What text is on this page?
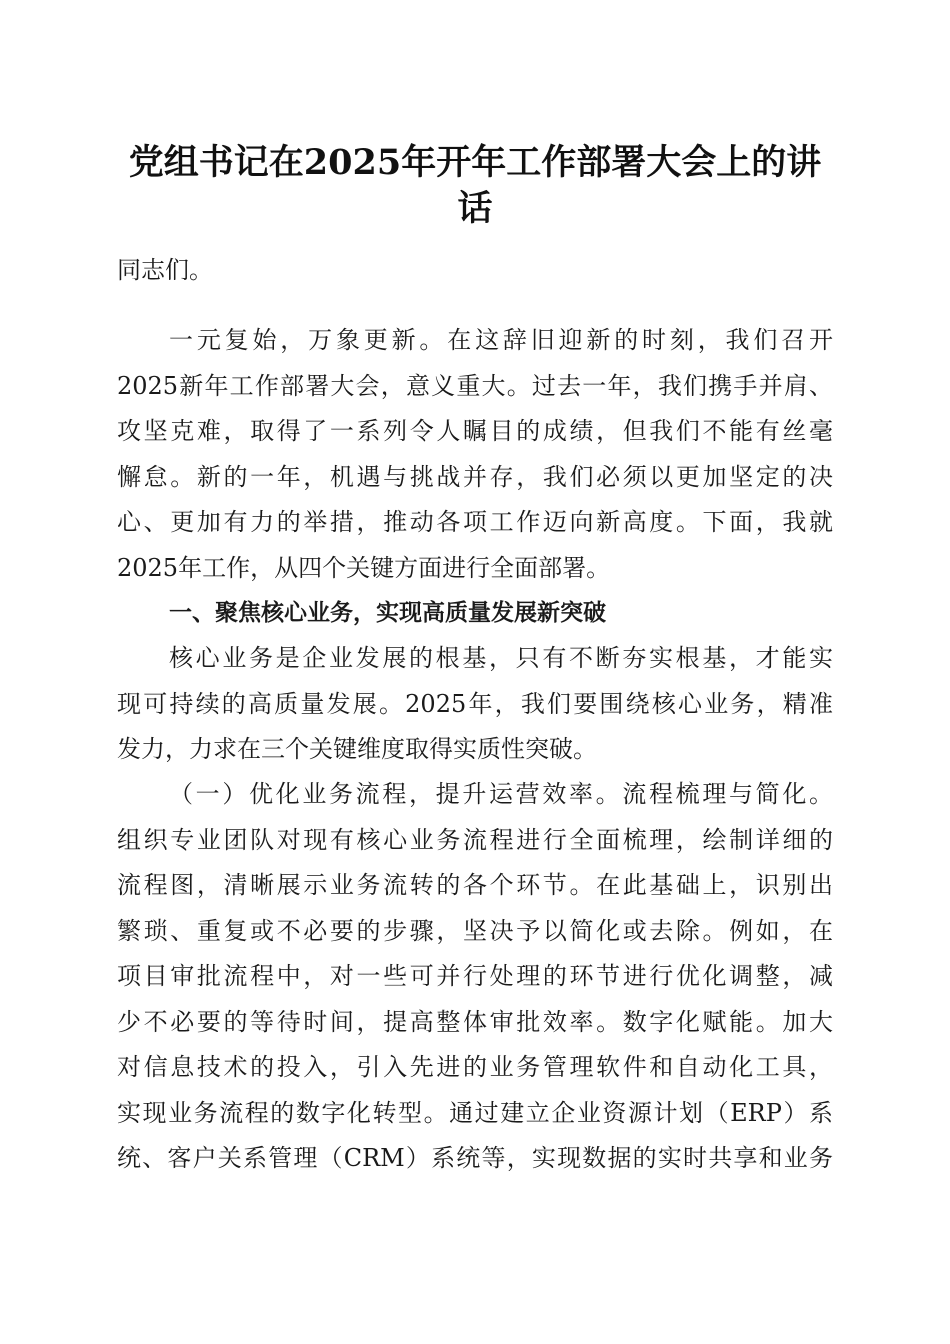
党组书记在2025年开年工作部署大会上的讲
话

同志们。

一元复始，万象更新。在这辞旧迎新的时刻，我们召开

2025新年工作部署大会，意义重大。过去一年，我们携手并肩、

攻坚克难，取得了一系列令人瞩目的成绩，但我们不能有丝毫

懈怠。新的一年，机遇与挑战并存，我们必须以更加坚定的决

心、更加有力的举措，推动各项工作迈向新高度。下面，我就

2025年工作，从四个关键方面进行全面部署。

一、聚焦核心业务，实现高质量发展新突破

核心业务是企业发展的根基，只有不断夯实根基，才能实

现可持续的高质量发展。2025年，我们要围绕核心业务，精准

发力，力求在三个关键维度取得实质性突破。

（一）优化业务流程，提升运营效率。流程梳理与简化。

组织专业团队对现有核心业务流程进行全面梳理，绘制详细的

流程图，清晰展示业务流转的各个环节。在此基础上，识别出

繁琐、重复或不必要的步骤，坚决予以简化或去除。例如，在

项目审批流程中，对一些可并行处理的环节进行优化调整，减

少不必要的等待时间，提高整体审批效率。数字化赋能。加大

对信息技术的投入，引入先进的业务管理软件和自动化工具，

实现业务流程的数字化转型。通过建立企业资源计划（ERP）系

统、客户关系管理（CRM）系统等，实现数据的实时共享和业务
